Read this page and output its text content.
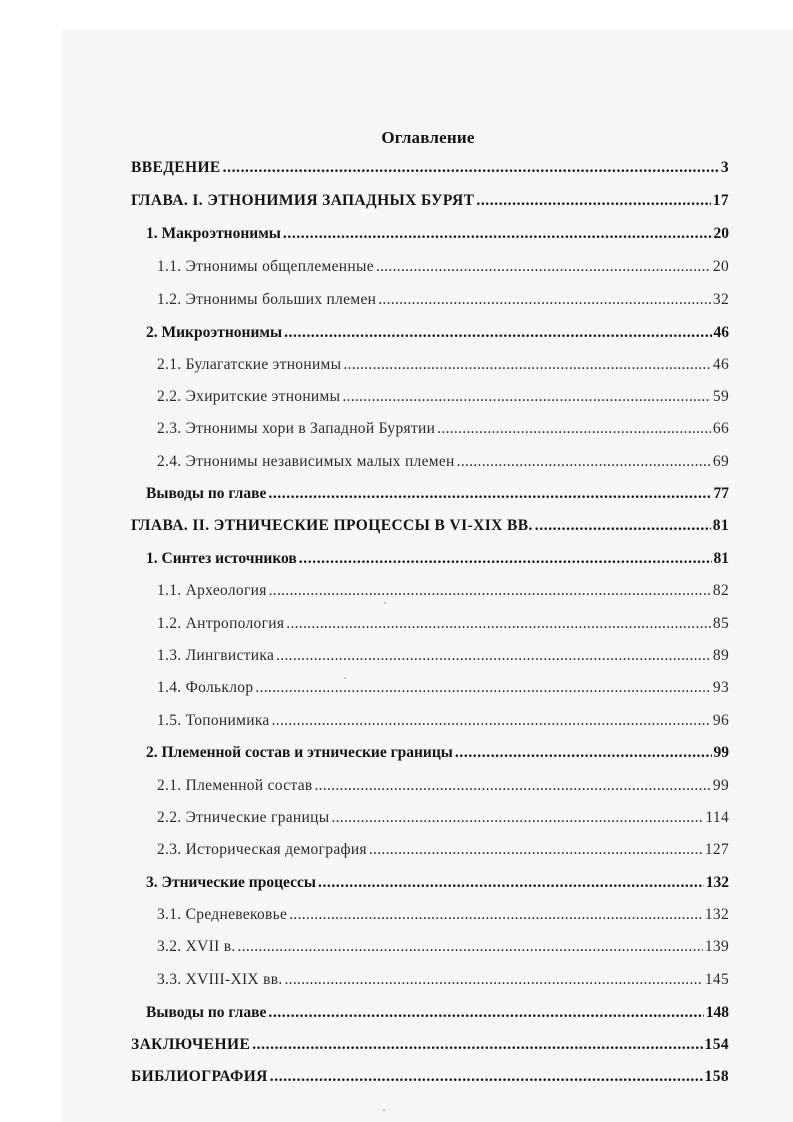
Оглавление
ВВЕДЕНИЕ .....	3
ГЛАВА. I. ЭТНОНИМИЯ ЗАПАДНЫХ БУРЯТ .....	17
1. Макроэтнонимы .....	20
1.1. Этнонимы общеплеменные .....	20
1.2. Этнонимы больших племен .....	32
2. Микроэтнонимы .....	46
2.1. Булагатские этнонимы .....	46
2.2. Эхиритские этнонимы .....	59
2.3. Этнонимы хори в Западной Бурятии .....	66
2.4. Этнонимы независимых малых племен .....	69
Выводы по главе .....	77
ГЛАВА. II. ЭТНИЧЕСКИЕ ПРОЦЕССЫ В VI-XIX ВВ. .....	81
1. Синтез источников .....	81
1.1. Археология .....	82
1.2. Антропология .....	85
1.3. Лингвистика .....	89
1.4. Фольклор .....	93
1.5. Топонимика .....	96
2. Племенной состав и этнические границы .....	99
2.1. Племенной состав .....	99
2.2. Этнические границы .....	114
2.3. Историческая демография .....	127
3. Этнические процессы .....	132
3.1. Средневековье .....	132
3.2. XVII в. .....	139
3.3. XVIII-XIX вв. .....	145
Выводы по главе .....	148
ЗАКЛЮЧЕНИЕ .....	154
БИБЛИОГРАФИЯ .....	158
